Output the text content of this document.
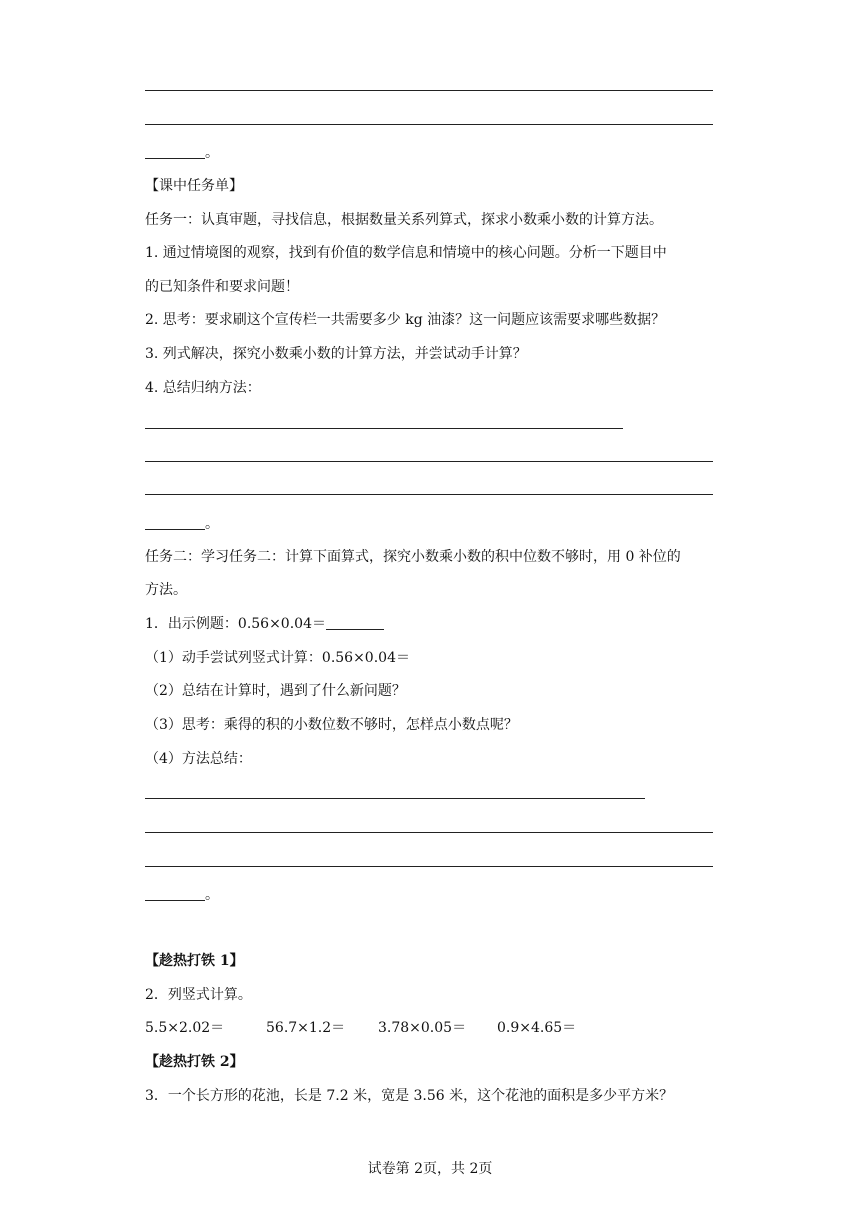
。
【课中任务单】
任务一：认真审题，寻找信息，根据数量关系列算式，探求小数乘小数的计算方法。
1. 通过情境图的观察，找到有价值的数学信息和情境中的核心问题。分析一下题目中
的已知条件和要求问题！
2. 思考：要求刷这个宣传栏一共需要多少 kg 油漆？这一问题应该需要求哪些数据？
3. 列式解决，探究小数乘小数的计算方法，并尝试动手计算？
4. 总结归纳方法：
。
任务二：学习任务二：计算下面算式，探究小数乘小数的积中位数不够时，用 0 补位的
方法。
1．出示例题：0.56×0.04＝
（1）动手尝试列竖式计算：0.56×0.04＝
（2）总结在计算时，遇到了什么新问题？
（3）思考：乘得的积的小数位数不够时，怎样点小数点呢？
（4）方法总结：
。
【趁热打铁 1】
2．列竖式计算。
5.5×2.02＝	56.7×1.2＝ 3.78×0.05＝ 0.9×4.65＝
【趁热打铁 2】
3．一个长方形的花池，长是 7.2 米，宽是 3.56 米，这个花池的面积是多少平方米？
试卷第 2页，共 2页
